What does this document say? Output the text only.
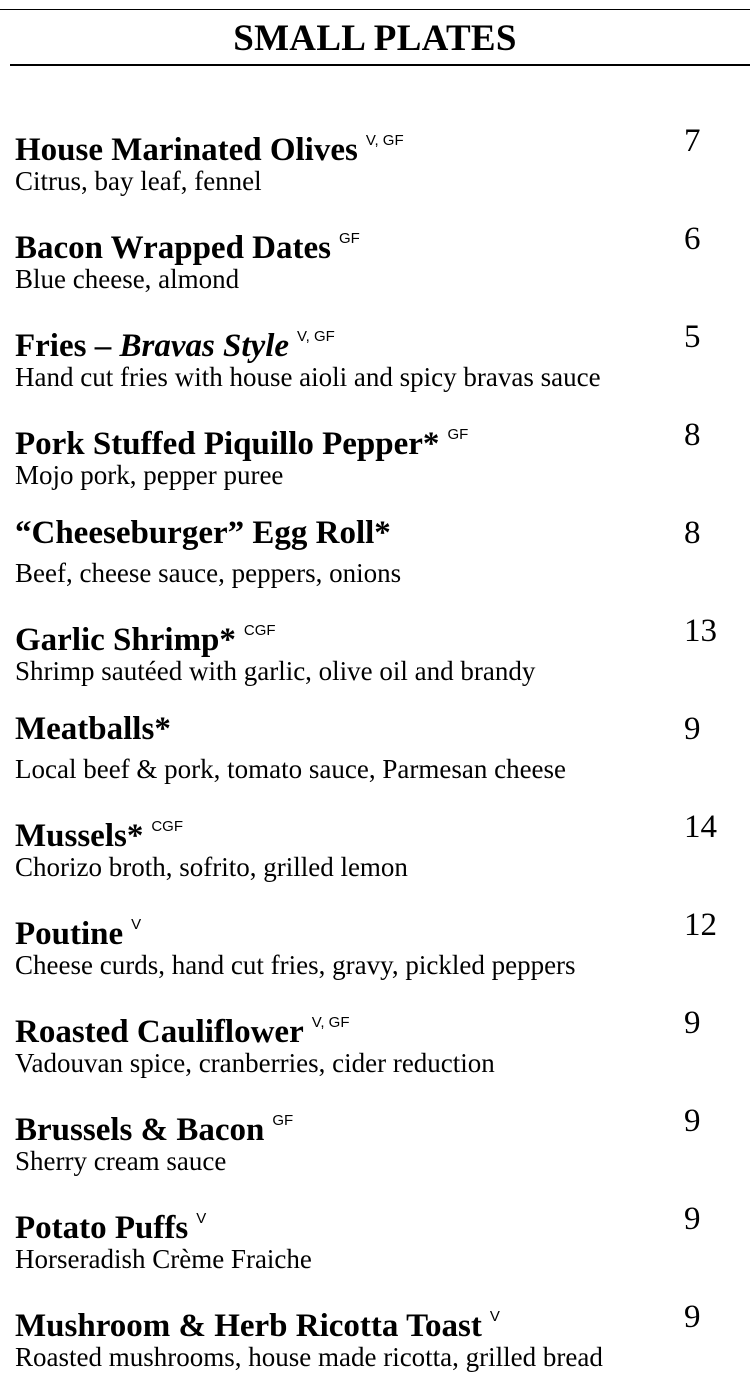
SMALL PLATES
House Marinated Olives $^{V, GF}$	7
Citrus, bay leaf, fennel
Bacon Wrapped Dates $^{GF}$	6
Blue cheese, almond
Fries – Bravas Style $^{V, GF}$	5
Hand cut fries with house aioli and spicy bravas sauce
Pork Stuffed Piquillo Pepper* $^{GF}$	8
Mojo pork, pepper puree
“Cheeseburger” Egg Roll*	8
Beef, cheese sauce, peppers, onions
Garlic Shrimp* $^{CGF}$	13
Shrimp sautéed with garlic, olive oil and brandy
Meatballs*	9
Local beef & pork, tomato sauce, Parmesan cheese
Mussels* $^{CGF}$	14
Chorizo broth, sofrito, grilled lemon
Poutine $^V$	12
Cheese curds, hand cut fries, gravy, pickled peppers
Roasted Cauliflower $^{V, GF}$	9
Vadouvan spice, cranberries, cider reduction
Brussels & Bacon $^{GF}$	9
Sherry cream sauce
Potato Puffs $^V$	9
Horseradish Crème Fraiche
Mushroom & Herb Ricotta Toast $^V$	9
Roasted mushrooms, house made ricotta, grilled bread
